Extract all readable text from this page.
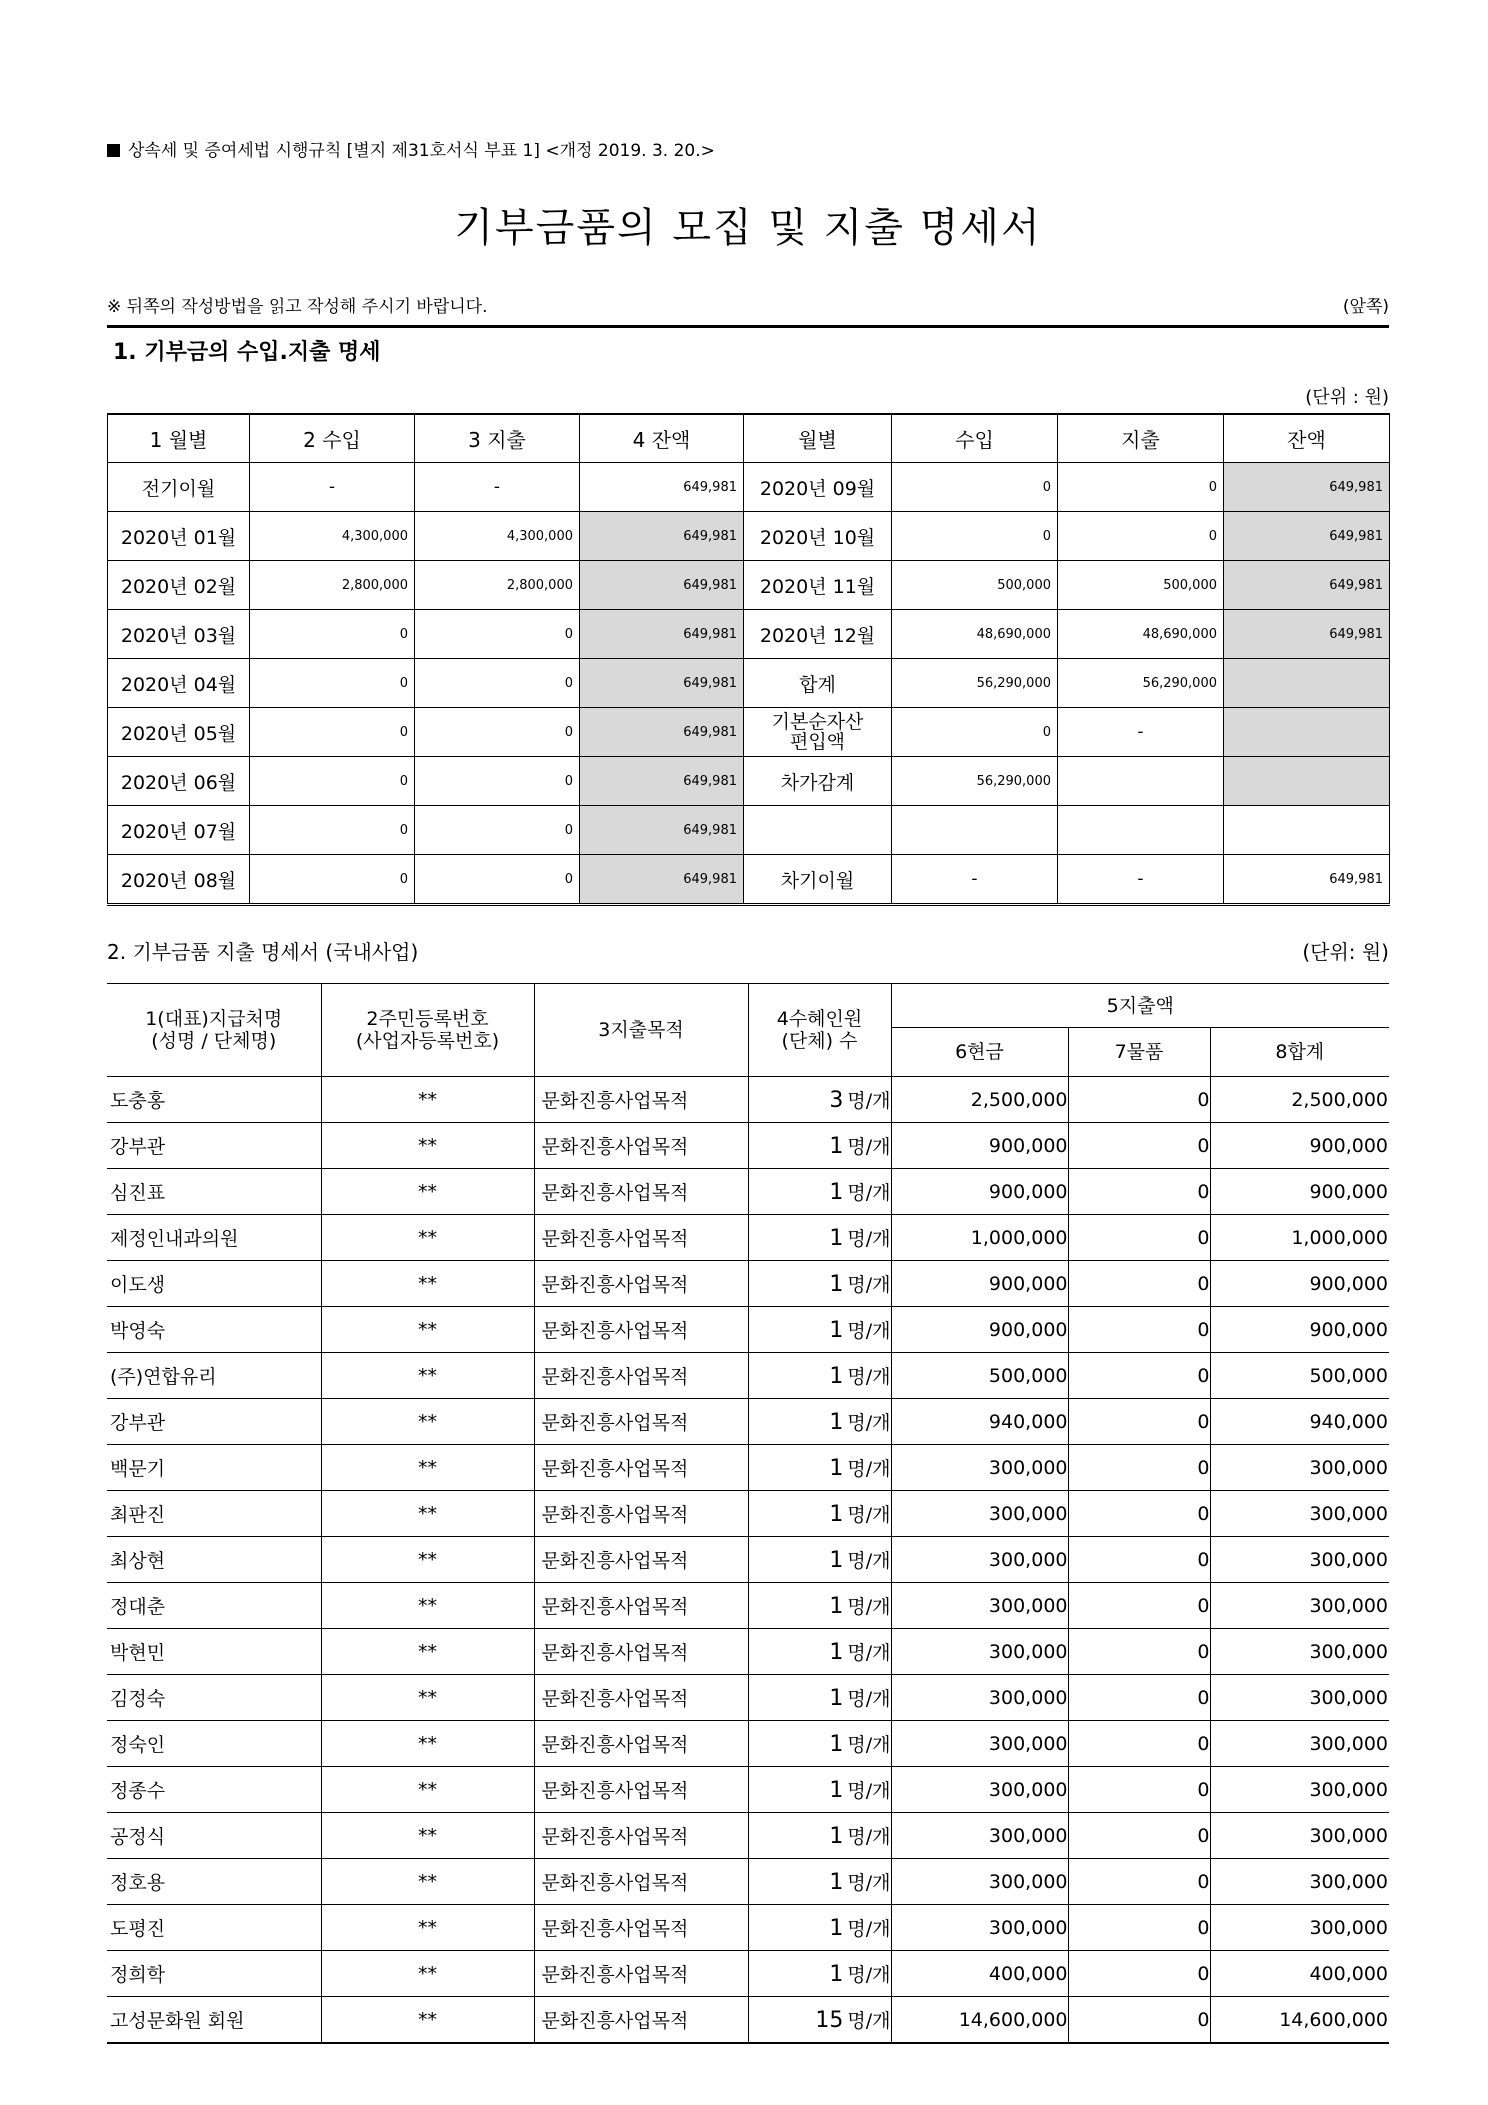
상속세 및 증여세법 시행규칙 [별지 제31호서식 부표 1] <개정 2019. 3. 20.>
기부금품의 모집 및 지출 명세서
※ 뒤쪽의 작성방법을 읽고 작성해 주시기 바랍니다.	(앞쪽)
1. 기부금의 수입.지출 명세
(단위 : 원)
1 월별	2 수입	3 지출	4 잔액	월별	수입	지출	잔액
전기이월	-	-	649,981	2020년 09월	0	0	649,981
2020년 01월	4,300,000	4,300,000	649,981	2020년 10월	0	0	649,981
2020년 02월	2,800,000	2,800,000	649,981	2020년 11월	500,000	500,000	649,981
2020년 03월	0	0	649,981	2020년 12월	48,690,000	48,690,000	649,981
2020년 04월	0	0	649,981	합계	56,290,000	56,290,000	
2020년 05월	0	0	649,981	기본순자산
편입액	0	-	
2020년 06월	0	0	649,981	차가감계	56,290,000		
2020년 07월	0	0	649,981				
2020년 08월	0	0	649,981	차기이월	-	-	649,981
2. 기부금품 지출 명세서 (국내사업)	(단위: 원)
1(대표)지급처명
(성명 / 단체명)	2주민등록번호
(사업자등록번호)	3지출목적	4수혜인원
(단체) 수	5지출액		
				6현금	7물품	8합계
도충홍	**	문화진흥사업목적	3 명/개	2,500,000	0	2,500,000
강부관	**	문화진흥사업목적	1 명/개	900,000	0	900,000
심진표	**	문화진흥사업목적	1 명/개	900,000	0	900,000
제정인내과의원	**	문화진흥사업목적	1 명/개	1,000,000	0	1,000,000
이도생	**	문화진흥사업목적	1 명/개	900,000	0	900,000
박영숙	**	문화진흥사업목적	1 명/개	900,000	0	900,000
(주)연합유리	**	문화진흥사업목적	1 명/개	500,000	0	500,000
강부관	**	문화진흥사업목적	1 명/개	940,000	0	940,000
백문기	**	문화진흥사업목적	1 명/개	300,000	0	300,000
최판진	**	문화진흥사업목적	1 명/개	300,000	0	300,000
최상현	**	문화진흥사업목적	1 명/개	300,000	0	300,000
정대춘	**	문화진흥사업목적	1 명/개	300,000	0	300,000
박현민	**	문화진흥사업목적	1 명/개	300,000	0	300,000
김정숙	**	문화진흥사업목적	1 명/개	300,000	0	300,000
정숙인	**	문화진흥사업목적	1 명/개	300,000	0	300,000
정종수	**	문화진흥사업목적	1 명/개	300,000	0	300,000
공정식	**	문화진흥사업목적	1 명/개	300,000	0	300,000
정호용	**	문화진흥사업목적	1 명/개	300,000	0	300,000
도평진	**	문화진흥사업목적	1 명/개	300,000	0	300,000
정희학	**	문화진흥사업목적	1 명/개	400,000	0	400,000
고성문화원 회원	**	문화진흥사업목적	15 명/개	14,600,000	0	14,600,000
